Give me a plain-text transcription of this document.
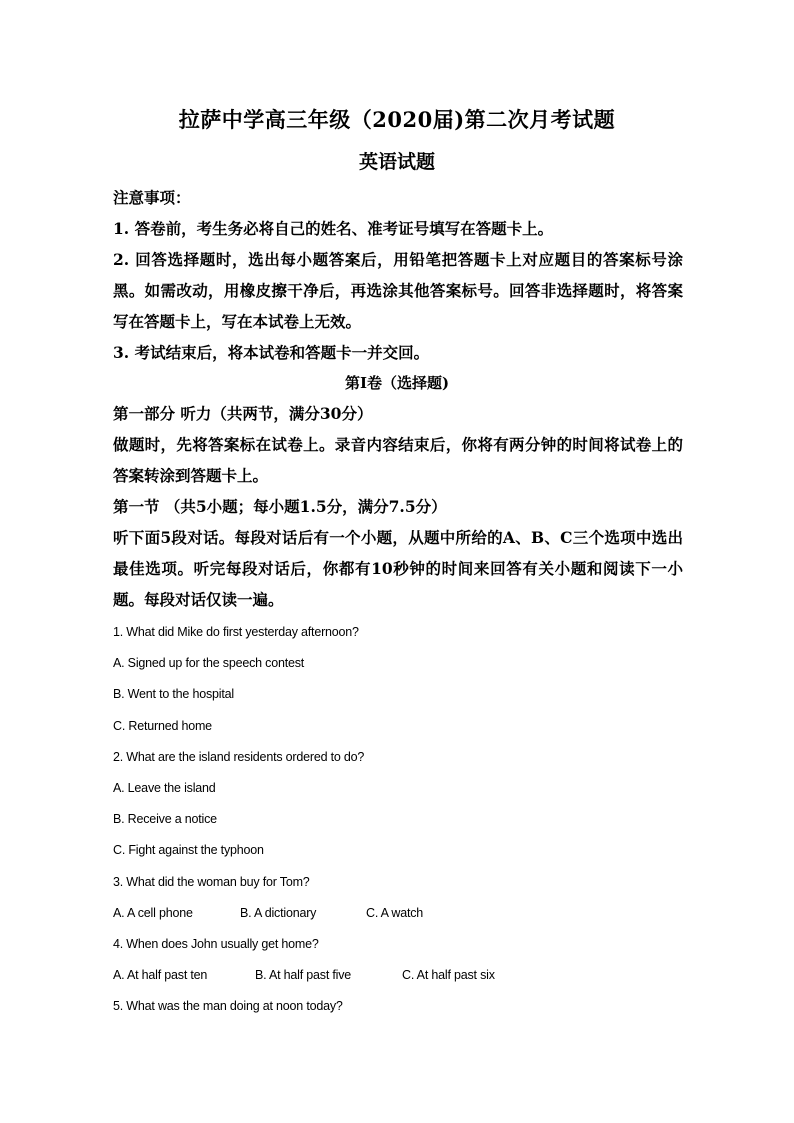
拉萨中学高三年级（2020届)第二次月考试题
英语试题

注意事项：

1. 答卷前，考生务必将自己的姓名、准考证号填写在答题卡上。

2. 回答选择题时，选出每小题答案后，用铅笔把答题卡上对应题目的答案标号涂黑。如需改动，用橡皮擦干净后，再选涂其他答案标号。回答非选择题时，将答案写在答题卡上，写在本试卷上无效。

3. 考试结束后，将本试卷和答题卡一并交回。

第I卷（选择题)

第一部分 听力（共两节，满分30分）

做题时，先将答案标在试卷上。录音内容结束后，你将有两分钟的时间将试卷上的答案转涂到答题卡上。

第一节 （共5小题；每小题1.5分，满分7.5分）

听下面5段对话。每段对话后有一个小题，从题中所给的A、B、C三个选项中选出最佳选项。听完每段对话后，你都有10秒钟的时间来回答有关小题和阅读下一小题。每段对话仅读一遍。

1. What did Mike do first yesterday afternoon?
A. Signed up for the speech contest
B. Went to the hospital
C. Returned home
2. What are the island residents ordered to do?
A. Leave the island
B. Receive a notice
C. Fight against the typhoon
3. What did the woman buy for Tom?
A. A cell phone	B. A dictionary	C. A watch
4. When does John usually get home?
A. At half past ten	B. At half past five	C. At half past six
5. What was the man doing at noon today?
